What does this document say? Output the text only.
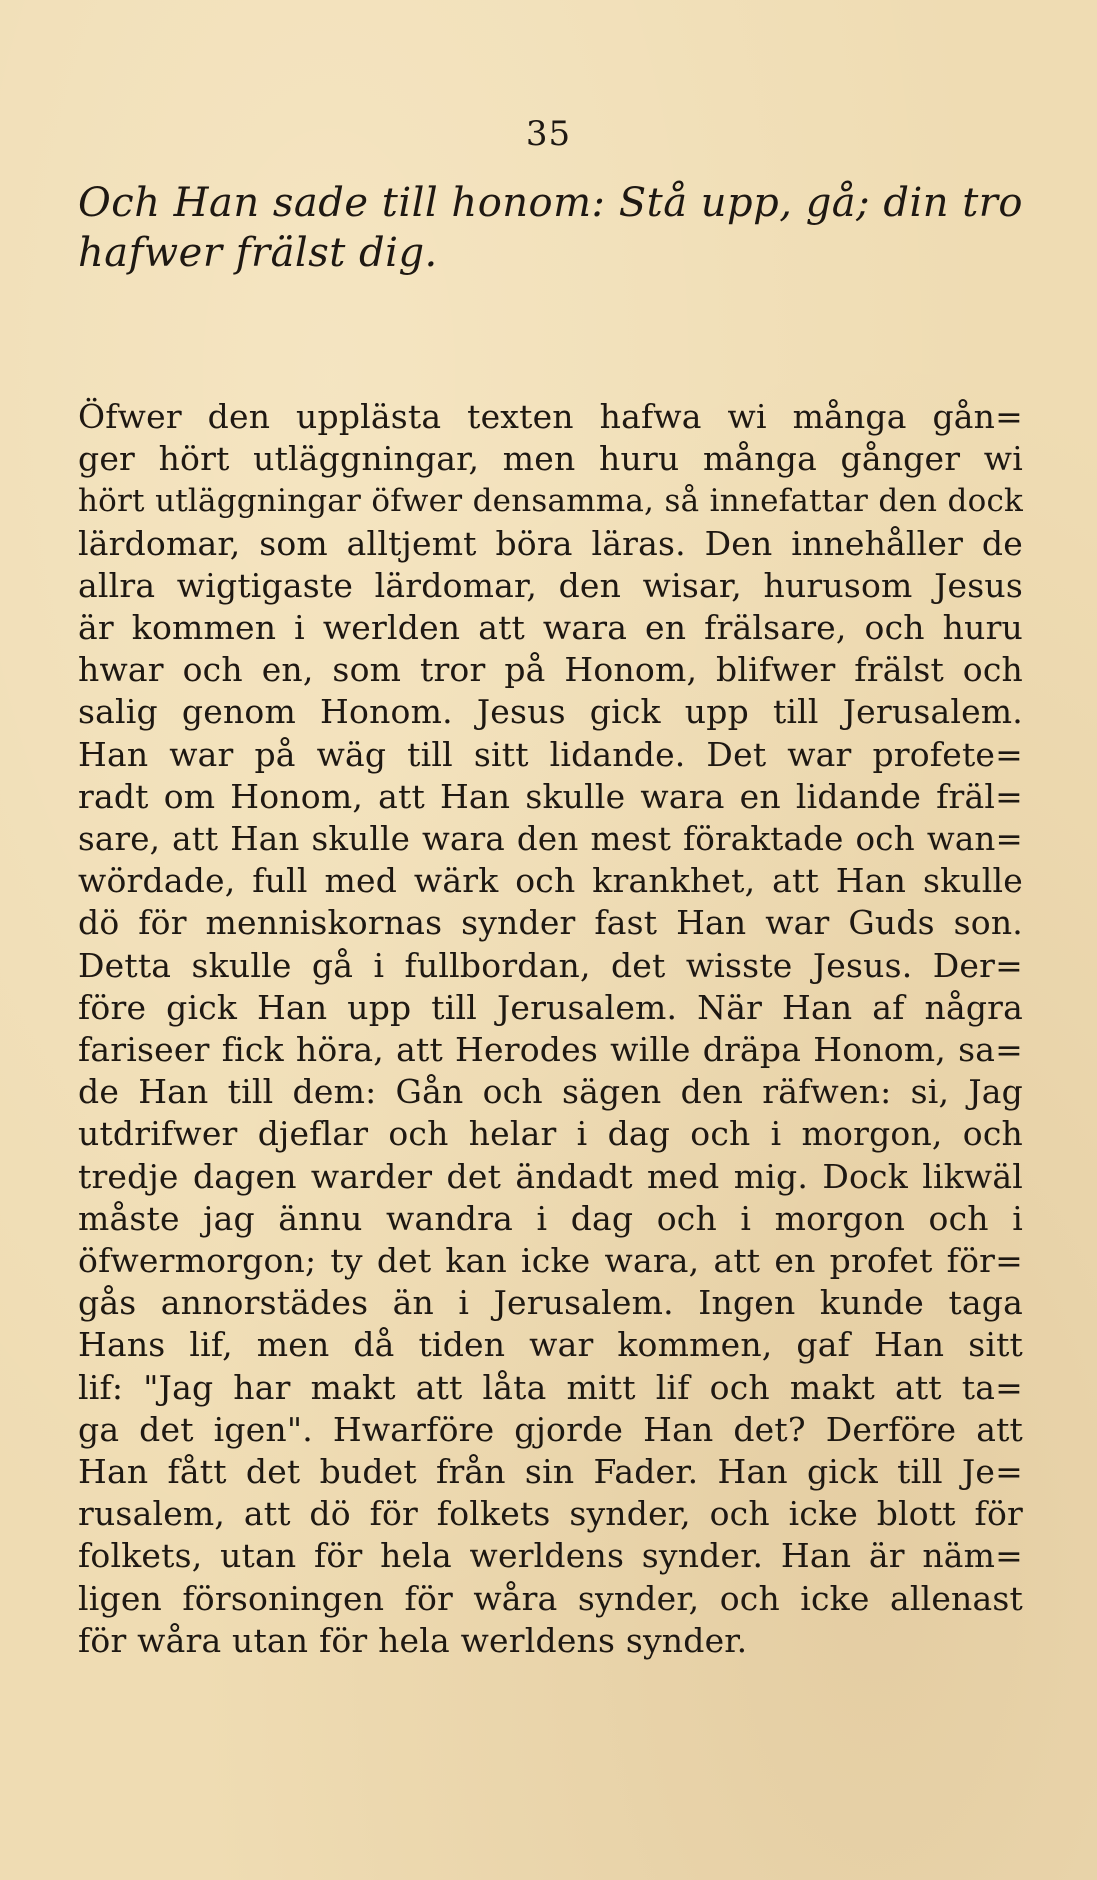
35
Och Han sade till honom: Stå upp, gå; din tro hafwer frälst dig.
Öfwer den upplästa texten hafwa wi många gån=
ger hört utläggningar, men huru många gånger wi
hört utläggningar öfwer densamma, så innefattar den dock
lärdomar, som alltjemt böra läras. Den innehåller de
allra wigtigaste lärdomar, den wisar, hurusom Jesus
är kommen i werlden att wara en frälsare, och huru
hwar och en, som tror på Honom, blifwer frälst och
salig genom Honom. Jesus gick upp till Jerusalem.
Han war på wäg till sitt lidande. Det war profete=
radt om Honom, att Han skulle wara en lidande fräl=
sare, att Han skulle wara den mest föraktade och wan=
wördade, full med wärk och krankhet, att Han skulle
dö för menniskornas synder fast Han war Guds son.
Detta skulle gå i fullbordan, det wisste Jesus. Der=
före gick Han upp till Jerusalem. När Han af några
fariseer fick höra, att Herodes wille dräpa Honom, sa=
de Han till dem: Gån och sägen den räfwen: si, Jag
utdrifwer djeflar och helar i dag och i morgon, och
tredje dagen warder det ändadt med mig. Dock likwäl
måste jag ännu wandra i dag och i morgon och i
öfwermorgon; ty det kan icke wara, att en profet för=
gås annorstädes än i Jerusalem. Ingen kunde taga
Hans lif, men då tiden war kommen, gaf Han sitt
lif: "Jag har makt att låta mitt lif och makt att ta=
ga det igen". Hwarföre gjorde Han det? Derföre att
Han fått det budet från sin Fader. Han gick till Je=
rusalem, att dö för folkets synder, och icke blott för
folkets, utan för hela werldens synder. Han är näm=
ligen försoningen för wåra synder, och icke allenast
för wåra utan för hela werldens synder.
